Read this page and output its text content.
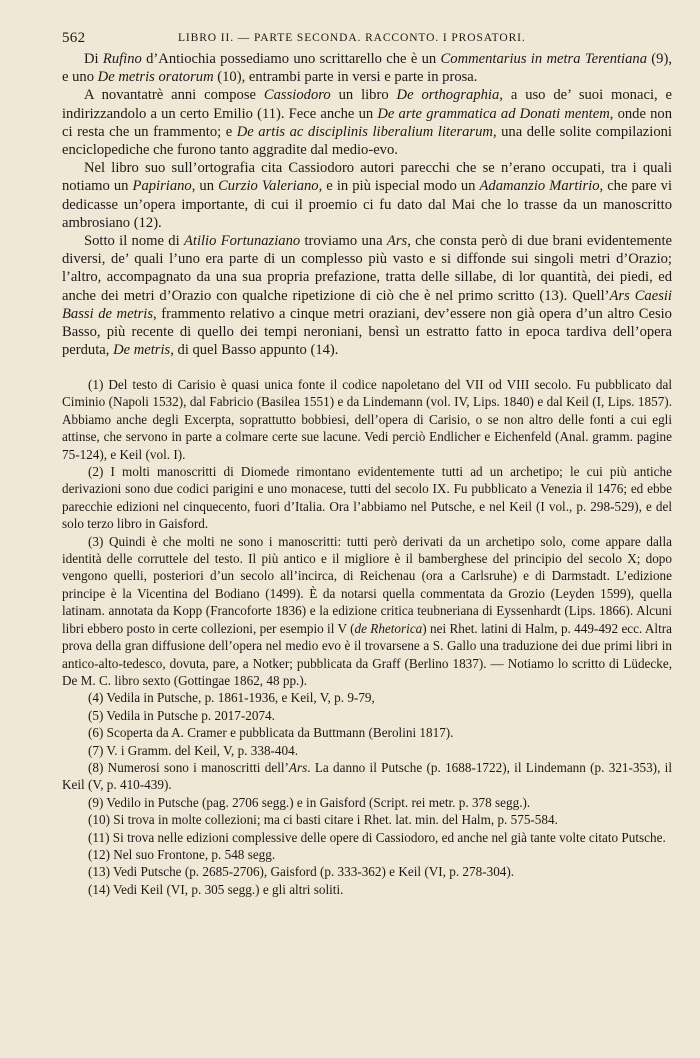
562	LIBRO II. — PARTE SECONDA. RACCONTO. I PROSATORI.

Di Rufino d’Antiochia possediamo uno scrittarello che è un Commentarius in metra Terentiana (9), e uno De metris oratorum (10), entrambi parte in versi e parte in prosa.

A novantatrè anni compose Cassiodoro un libro De orthographia, a uso de’ suoi monaci, e indirizzandolo a un certo Emilio (11). Fece anche un De arte grammatica ad Donati mentem, onde non ci resta che un frammento; e De artis ac disciplinis liberalium literarum, una delle solite compilazioni enciclopediche che furono tanto aggradite dal medio-evo.

Nel libro suo sull’ortografia cita Cassiodoro autori parecchi che se n’erano occupati, tra i quali notiamo un Papiriano, un Curzio Valeriano, e in più ispecial modo un Adamanzio Martirio, che pare vi dedicasse un’opera importante, di cui il proemio ci fu dato dal Mai che lo trasse da un manoscritto ambrosiano (12).

Sotto il nome di Atilio Fortunaziano troviamo una Ars, che consta però di due brani evidentemente diversi, de’ quali l’uno era parte di un complesso più vasto e si diffonde sui singoli metri d’Orazio; l’altro, accompagnato da una sua propria prefazione, tratta delle sillabe, di lor quantità, dei piedi, ed anche dei metri d’Orazio con qualche ripetizione di ciò che è nel primo scritto (13). Quell’Ars Caesii Bassi de metris, frammento relativo a cinque metri oraziani, dev’essere non già opera d’un altro Cesio Basso, più recente di quello dei tempi neroniani, bensì un estratto fatto in epoca tardiva dell’opera perduta, De metris, di quel Basso appunto (14).

(1) Del testo di Carisio è quasi unica fonte il codice napoletano del VII od VIII secolo. Fu pubblicato dal Ciminio (Napoli 1532), dal Fabricio (Basilea 1551) e da Lindemann (vol. IV, Lips. 1840) e dal Keil (I, Lips. 1857). Abbiamo anche degli Excerpta, soprattutto bobbiesi, dell’opera di Carisio, o se non altro delle fonti a cui egli attinse, che servono in parte a colmare certe sue lacune. Vedi perciò Endlicher e Eichenfeld (Anal. gramm. pagine 75-124), e Keil (vol. I).

(2) I molti manoscritti di Diomede rimontano evidentemente tutti ad un archetipo; le cui più antiche derivazioni sono due codici parigini e uno monacese, tutti del secolo IX. Fu pubblicato a Venezia il 1476; ed ebbe parecchie edizioni nel cinquecento, fuori d’Italia. Ora l’abbiamo nel Putsche, e nel Keil (I vol., p. 298-529), e del solo terzo libro in Gaisford.

(3) Quindi è che molti ne sono i manoscritti: tutti però derivati da un archetipo solo, come appare dalla identità delle corruttele del testo. Il più antico e il migliore è il bamberghese del principio del secolo X; dopo vengono quelli, posteriori d’un secolo all’incirca, di Reichenau (ora a Carlsruhe) e di Darmstadt. L’edizione principe è la Vicentina del Bodiano (1499). È da notarsi quella commentata da Grozio (Leyden 1599), quella latinam. annotata da Kopp (Francoforte 1836) e la edizione critica teubneriana di Eyssenhardt (Lips. 1866). Alcuni libri ebbero posto in certe collezioni, per esempio il V (de Rhetorica) nei Rhet. latini di Halm, p. 449-492 ecc. Altra prova della gran diffusione dell’opera nel medio evo è il trovarsene a S. Gallo una traduzione dei due primi libri in antico-alto-tedesco, dovuta, pare, a Notker; pubblicata da Graff (Berlino 1837). — Notiamo lo scritto di Lüdecke, De M. C. libro sexto (Gottingae 1862, 48 pp.).

(4) Vedila in Putsche, p. 1861-1936, e Keil, V, p. 9-79,

(5) Vedila in Putsche p. 2017-2074.

(6) Scoperta da A. Cramer e pubblicata da Buttmann (Berolini 1817).

(7) V. i Gramm. del Keil, V, p. 338-404.

(8) Numerosi sono i manoscritti dell’Ars. La danno il Putsche (p. 1688-1722), il Lindemann (p. 321-353), il Keil (V, p. 410-439).

(9) Vedilo in Putsche (pag. 2706 segg.) e in Gaisford (Script. rei metr. p. 378 segg.).

(10) Si trova in molte collezioni; ma ci basti citare i Rhet. lat. min. del Halm, p. 575-584.

(11) Si trova nelle edizioni complessive delle opere di Cassiodoro, ed anche nel già tante volte citato Putsche.

(12) Nel suo Frontone, p. 548 segg.

(13) Vedi Putsche (p. 2685-2706), Gaisford (p. 333-362) e Keil (VI, p. 278-304).

(14) Vedi Keil (VI, p. 305 segg.) e gli altri soliti.
